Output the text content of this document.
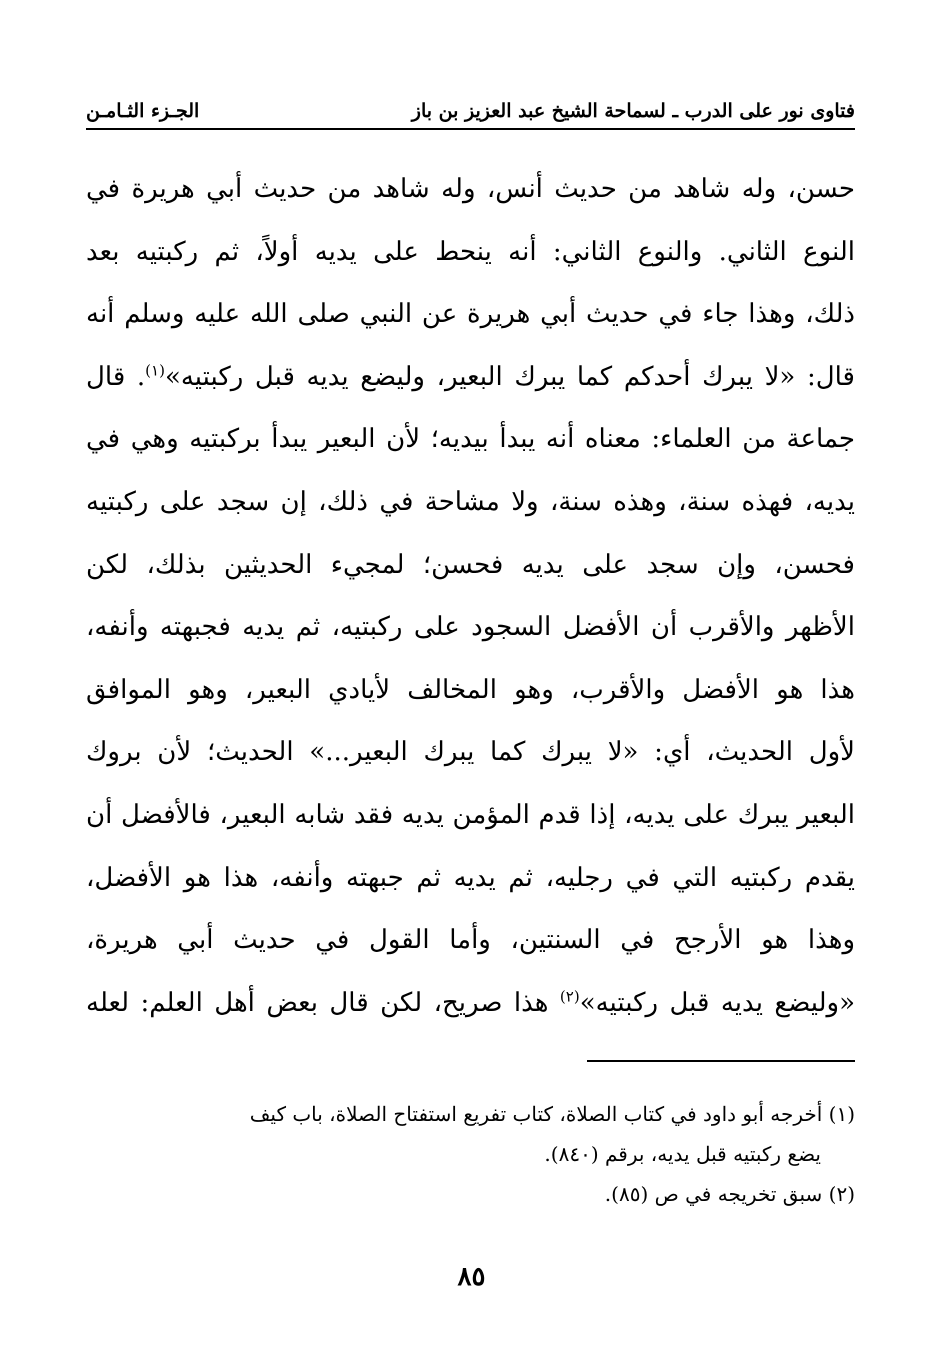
فتاوى نور على الدرب ـ لسماحة الشيخ عبد العزيز بن باز
الجـزء الثـامـن

حسن، وله شاهد من حديث أنس، وله شاهد من حديث أبي هريرة في

النوع الثاني. والنوع الثاني: أنه ينحط على يديه أولاً، ثم ركبتيه بعد

ذلك، وهذا جاء في حديث أبي هريرة عن النبي صلى الله عليه وسلم أنه

قال: «لا يبرك أحدكم كما يبرك البعير، وليضع يديه قبل ركبتيه»$^{(١)}$. قال

جماعة من العلماء: معناه أنه يبدأ بيديه؛ لأن البعير يبدأ بركبتيه وهي في

يديه، فهذه سنة، وهذه سنة، ولا مشاحة في ذلك، إن سجد على ركبتيه

فحسن، وإن سجد على يديه فحسن؛ لمجيء الحديثين بذلك، لكن

الأظهر والأقرب أن الأفضل السجود على ركبتيه، ثم يديه فجبهته وأنفه،

هذا هو الأفضل والأقرب، وهو المخالف لأيادي البعير، وهو الموافق

لأول الحديث، أي: «لا يبرك كما يبرك البعير...» الحديث؛ لأن بروك

البعير يبرك على يديه، إذا قدم المؤمن يديه فقد شابه البعير، فالأفضل أن

يقدم ركبتيه التي في رجليه، ثم يديه ثم جبهته وأنفه، هذا هو الأفضل،

وهذا هو الأرجح في السنتين، وأما القول في حديث أبي هريرة،

«وليضع يديه قبل ركبتيه»$^{(٢)}$ هذا صريح، لكن قال بعض أهل العلم: لعله

(١) أخرجه أبو داود في كتاب الصلاة، كتاب تفريع استفتاح الصلاة، باب كيف

يضع ركبتيه قبل يديه، برقم (٨٤٠).

(٢) سبق تخريجه في ص (٨٥).

٨٥
